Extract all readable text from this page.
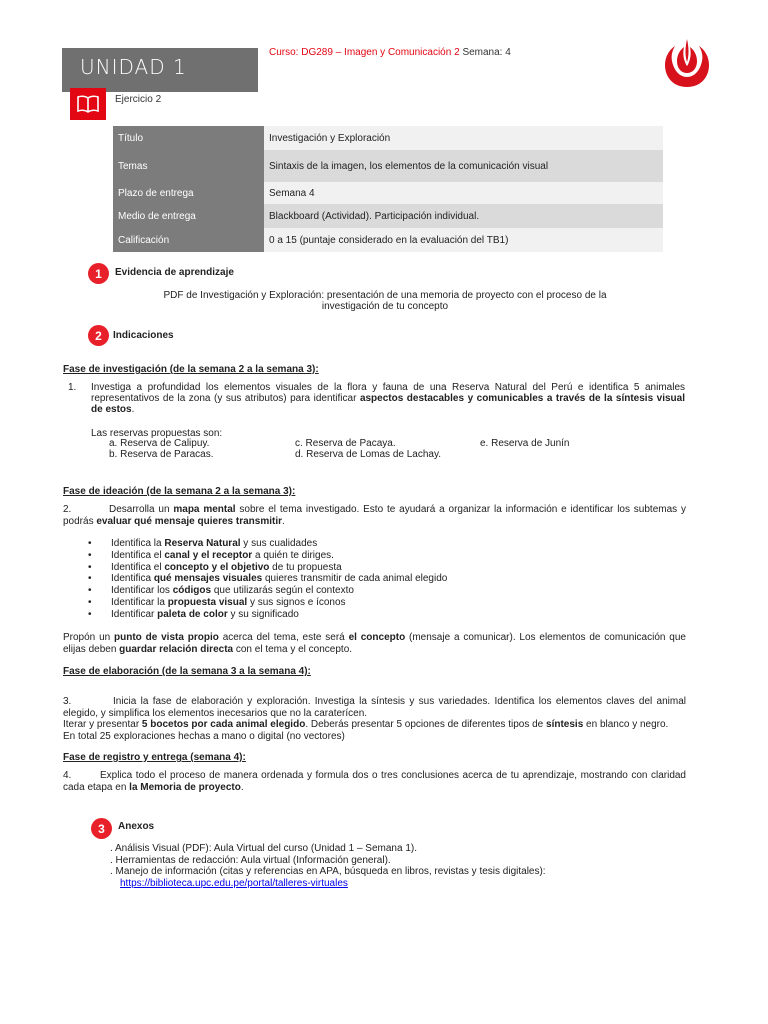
UNIDAD 1
Curso: DG289 – Imagen y Comunicación 2 Semana: 4
Ejercicio 2
Título	Investigación y Exploración
Temas	Sintaxis de la imagen, los elementos de la comunicación visual
Plazo de entrega	Semana 4
Medio de entrega	Blackboard (Actividad). Participación individual.
Calificación	0 a 15 (puntaje considerado en la evaluación del TB1)
1	Evidencia de aprendizaje
PDF de Investigación y Exploración: presentación de una memoria de proyecto con el proceso de la
investigación de tu concepto
2	Indicaciones
Fase de investigación (de la semana 2 a la semana 3):
1. Investiga a profundidad los elementos visuales de la flora y fauna de una Reserva Natural del Perú e identifica 5 animales representativos de la zona (y sus atributos) para identificar aspectos destacables y comunicables a través de la síntesis visual de estos.
Las reservas propuestas son:
a. Reserva de Calipuy.
b. Reserva de Paracas.
c. Reserva de Pacaya.
d. Reserva de Lomas de Lachay.
e. Reserva de Junín
Fase de ideación (de la semana 2 a la semana 3):
2.	Desarrolla un mapa mental sobre el tema investigado. Esto te ayudará a organizar la información e identificar los subtemas y podrás evaluar qué mensaje quieres transmitir.
• Identifica la Reserva Natural y sus cualidades
• Identifica el canal y el receptor a quién te diriges.
• Identifica el concepto y el objetivo de tu propuesta
• Identifica qué mensajes visuales quieres transmitir de cada animal elegido
• Identificar los códigos que utilizarás según el contexto
• Identificar la propuesta visual y sus signos e íconos
• Identificar paleta de color y su significado
Propón un punto de vista propio acerca del tema, este será el concepto (mensaje a comunicar). Los elementos de comunicación que elijas deben guardar relación directa con el tema y el concepto.
Fase de elaboración (de la semana 3 a la semana 4):
3.	Inicia la fase de elaboración y exploración. Investiga la síntesis y sus variedades. Identifica los elementos claves del animal elegido, y simplifica los elementos inecesarios que no la caraterícen.
Iterar y presentar 5 bocetos por cada animal elegido. Deberás presentar 5 opciones de diferentes tipos de síntesis en blanco y negro.
En total 25 exploraciones hechas a mano o digital (no vectores)
Fase de registro y entrega (semana 4):
4.	Explica todo el proceso de manera ordenada y formula dos o tres conclusiones acerca de tu aprendizaje, mostrando con claridad cada etapa en la Memoria de proyecto.
3	Anexos
. Análisis Visual (PDF): Aula Virtual del curso (Unidad 1 – Semana 1).
. Herramientas de redacción: Aula virtual (Información general).
. Manejo de información (citas y referencias en APA, búsqueda en libros, revistas y tesis digitales):
https://biblioteca.upc.edu.pe/portal/talleres-virtuales
